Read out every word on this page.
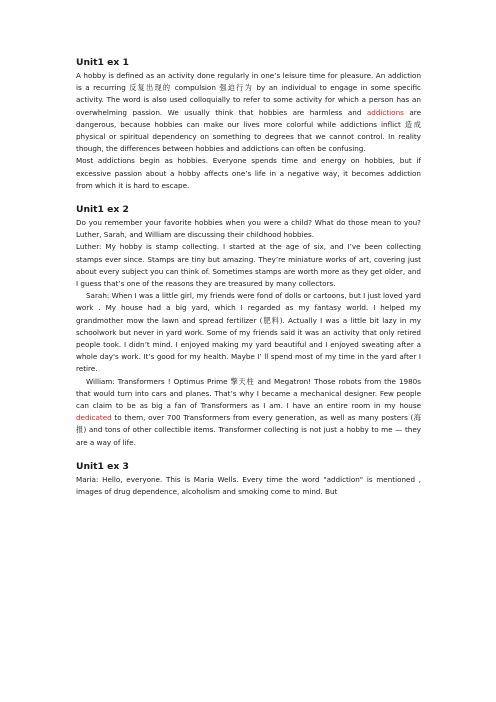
Unit1 ex 1

A hobby is defined as an activity done regularly in one’s leisure time for pleasure. An addiction is a recurring 反复出现的 compulsion 强迫行为 by an individual to engage in some specific activity. The word is also used colloquially to refer to some activity for which a person has an overwhelming passion. We usually think that hobbies are harmless and addictions are dangerous, because hobbies can make our lives more colorful while addictions inflict 造成 physical or spiritual dependency on something to degrees that we cannot control. In reality though, the differences between hobbies and addictions can often be confusing.

Most addictions begin as hobbies. Everyone spends time and energy on hobbies, but if excessive passion about a hobby affects one’s life in a negative way, it becomes addiction from which it is hard to escape.

Unit1 ex 2

Do you remember your favorite hobbies when you were a child? What do those mean to you? Luther, Sarah, and William are discussing their childhood hobbies.

Luther: My hobby is stamp collecting. I started at the age of six, and I’ve been collecting stamps ever since. Stamps are tiny but amazing. They’re miniature works of art, covering just about every subject you can think of. Sometimes stamps are worth more as they get older, and I guess that’s one of the reasons they are treasured by many collectors.

Sarah: When I was a little girl, my friends were fond of dolls or cartoons, but I just loved yard work . My house had a big yard, which I regarded as my fantasy world. I helped my grandmother mow the lawn and spread fertilizer (肥料). Actually I was a little bit lazy in my schoolwork but never in yard work. Some of my friends said it was an activity that only retired people took. I didn’t mind. I enjoyed making my yard beautiful and I enjoyed sweating after a whole day's work. It’s good for my health. Maybe I’ ll spend most of my time in the yard after I retire.

William: Transformers ! Optimus Prime 擎天柱 and Megatron! Those robots from the 1980s that would turn into cars and planes. That’s why I became a mechanical designer. Few people can claim to be as big a fan of Transformers as I am. I have an entire room in my house dedicated to them, over 700 Transformers from every generation, as well as many posters (海报) and tons of other collectible items. Transformer collecting is not just a hobby to me — they are a way of life.

Unit1 ex 3

Maria: Hello, everyone. This is Maria Wells. Every time the word "addiction" is mentioned , images of drug dependence, alcoholism and smoking come to mind. But
